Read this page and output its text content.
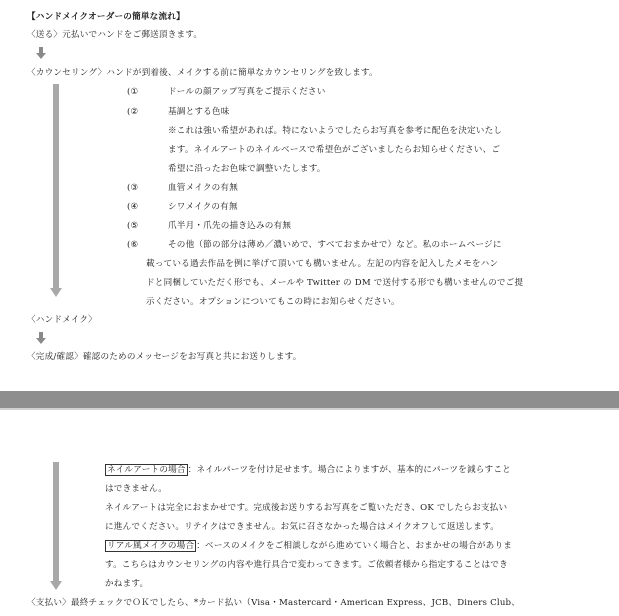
【ハンドメイクオーダーの簡単な流れ】
〈送る〉元払いでハンドをご郵送頂きます。
〈カウンセリング〉ハンドが到着後、メイクする前に簡単なカウンセリングを致します。
(①	ドールの顔アップ写真をご提示ください
(②	基調とする色味
※これは強い希望があれば。特にないようでしたらお写真を参考に配色を決定いたし
ます。ネイルアートのネイルベースで希望色がございましたらお知らせください、ご
希望に沿ったお色味で調整いたします。
(③	血管メイクの有無
(④	シワメイクの有無
(⑤	爪半月・爪先の描き込みの有無
(⑥	その他（節の部分は薄め／濃いめで、すべておまかせで）など。私のホームページに
載っている過去作品を例に挙げて頂いても構いません。左記の内容を記入したメモをハン
ドと同梱していただく形でも、メールや Twitter の DM で送付する形でも構いませんのでご提
示ください。オプションについてもこの時にお知らせください。
〈ハンドメイク〉
〈完成/確認〉確認のためのメッセージをお写真と共にお送りします。
ネイルアートの場合 ：ネイルパーツを付け足せます。場合によりますが、基本的にパーツを減らすこと
はできません。
ネイルアートは完全におまかせです。完成後お送りするお写真をご覧いただき、OK でしたらお支払い
に進んでください。リテイクはできません。お気に召さなかった場合はメイクオフして返送します。
リアル風メイクの場合 ：ベースのメイクをご相談しながら進めていく場合と、おまかせの場合がありま
す。こちらはカウンセリングの内容や進行具合で変わってきます。ご依頼者様から指定することはでき
かねます。
〈支払い〉最終チェックでＯＫでしたら、*カード払い（Visa・Mastercard・American Express、JCB、Diners Club、
